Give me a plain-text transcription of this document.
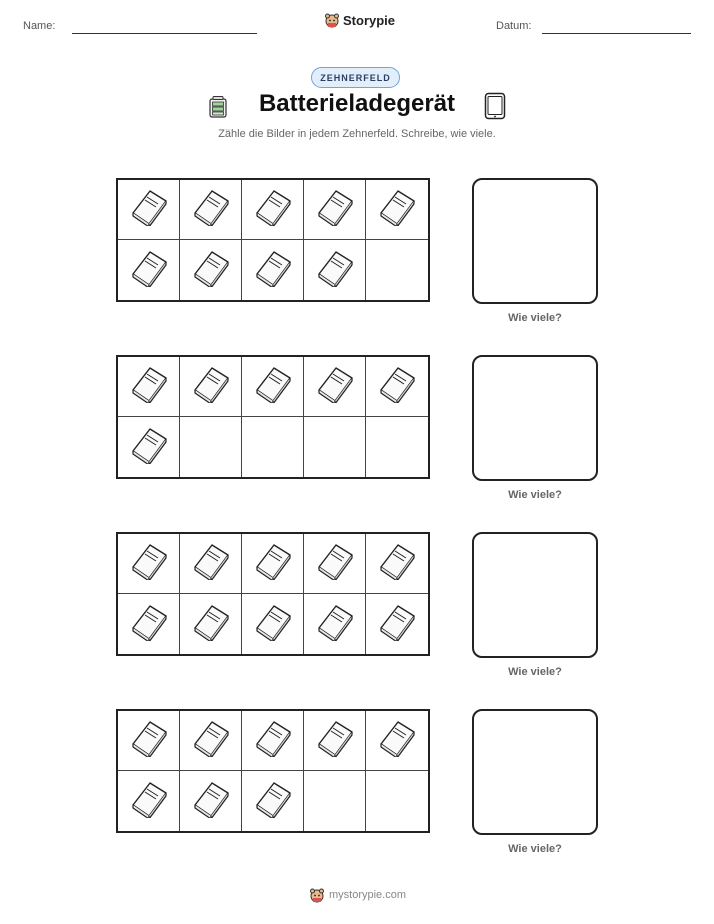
Name:	Storypie	Datum:
ZEHNERFELD
Batterieladegerät
Zähle die Bilder in jedem Zehnerfeld. Schreibe, wie viele.
Wie viele?
Wie viele?
Wie viele?
Wie viele?
mystorypie.com
